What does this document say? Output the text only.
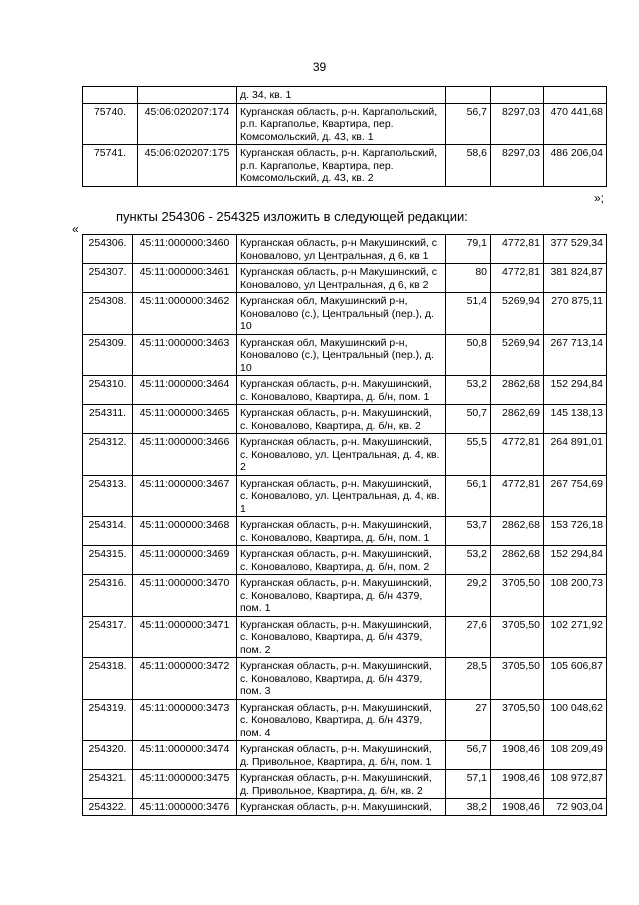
39
		д. 34, кв. 1			
75740.	45:06:020207:174	Курганская область, р-н. Каргапольский, р.п. Каргаполье, Квартира, пер. Комсомольский, д. 43, кв. 1	56,7	8297,03	470 441,68
75741.	45:06:020207:175	Курганская область, р-н. Каргапольский, р.п. Каргаполье, Квартира, пер. Комсомольский, д. 43, кв. 2	58,6	8297,03	486 206,04
»;
пункты 254306 - 254325 изложить в следующей редакции:
«
254306.	45:11:000000:3460	Курганская область, р-н Макушинский, с Коновалово, ул Центральная, д 6, кв 1	79,1	4772,81	377 529,34
254307.	45:11:000000:3461	Курганская область, р-н Макушинский, с Коновалово, ул Центральная, д 6, кв 2	80	4772,81	381 824,87
254308.	45:11:000000:3462	Курганская обл, Макушинский р-н, Коновалово (с.), Центральный (пер.), д. 10	51,4	5269,94	270 875,11
254309.	45:11:000000:3463	Курганская обл, Макушинский р-н, Коновалово (с.), Центральный (пер.), д. 10	50,8	5269,94	267 713,14
254310.	45:11:000000:3464	Курганская область, р-н. Макушинский, с. Коновалово, Квартира, д. б/н, пом. 1	53,2	2862,68	152 294,84
254311.	45:11:000000:3465	Курганская область, р-н. Макушинский, с. Коновалово, Квартира, д. б/н, кв. 2	50,7	2862,69	145 138,13
254312.	45:11:000000:3466	Курганская область, р-н. Макушинский, с. Коновалово, ул. Центральная, д. 4, кв. 2	55,5	4772,81	264 891,01
254313.	45:11:000000:3467	Курганская область, р-н. Макушинский, с. Коновалово, ул. Центральная, д. 4, кв. 1	56,1	4772,81	267 754,69
254314.	45:11:000000:3468	Курганская область, р-н. Макушинский, с. Коновалово, Квартира, д. б/н, пом. 1	53,7	2862,68	153 726,18
254315.	45:11:000000:3469	Курганская область, р-н. Макушинский, с. Коновалово, Квартира, д. б/н, пом. 2	53,2	2862,68	152 294,84
254316.	45:11:000000:3470	Курганская область, р-н. Макушинский, с. Коновалово, Квартира, д. б/н 4379, пом. 1	29,2	3705,50	108 200,73
254317.	45:11:000000:3471	Курганская область, р-н. Макушинский, с. Коновалово, Квартира, д. б/н 4379, пом. 2	27,6	3705,50	102 271,92
254318.	45:11:000000:3472	Курганская область, р-н. Макушинский, с. Коновалово, Квартира, д. б/н 4379, пом. 3	28,5	3705,50	105 606,87
254319.	45:11:000000:3473	Курганская область, р-н. Макушинский, с. Коновалово, Квартира, д. б/н 4379, пом. 4	27	3705,50	100 048,62
254320.	45:11:000000:3474	Курганская область, р-н. Макушинский, д. Привольное, Квартира, д. б/н, пом. 1	56,7	1908,46	108 209,49
254321.	45:11:000000:3475	Курганская область, р-н. Макушинский, д. Привольное, Квартира, д. б/н, кв. 2	57,1	1908,46	108 972,87
254322.	45:11:000000:3476	Курганская область, р-н. Макушинский,	38,2	1908,46	72 903,04
